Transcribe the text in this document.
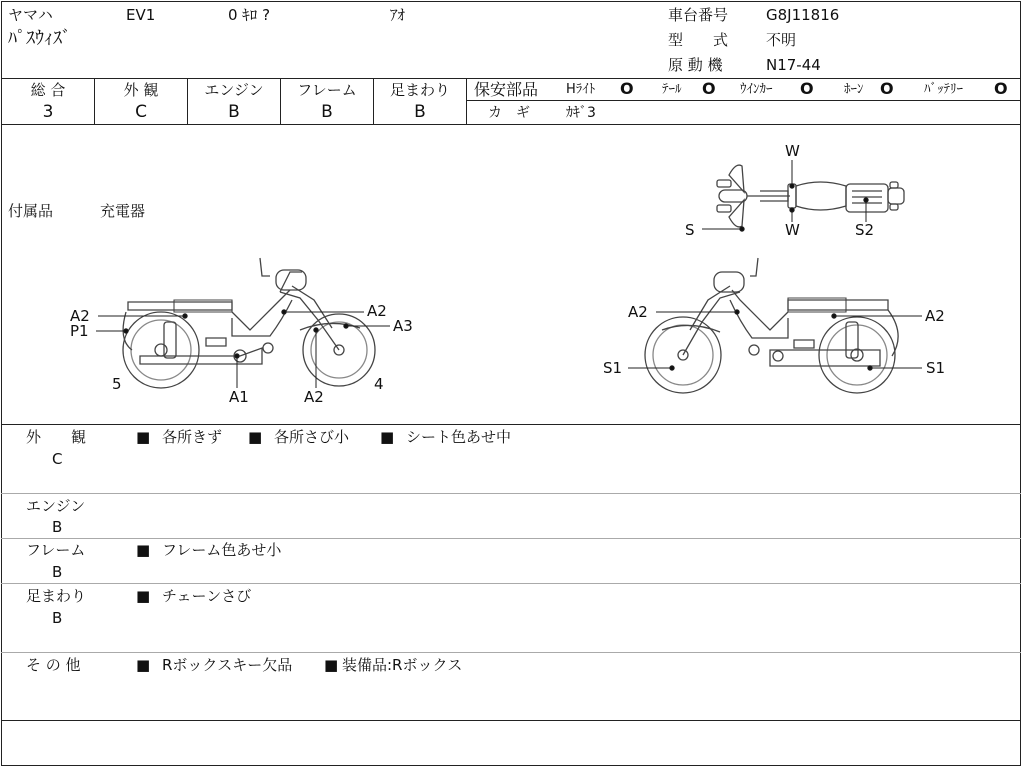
ヤマハ	EV1	0 ｷﾛ ?	ｱｵ
ﾊﾟｽｳｨｽﾞ
車台番号	G8J11816
型　　式	不明
原 動 機	N17-44
総 合
3
外 観
C
エンジン
B
フレーム
B
足まわり
B
保安部品 Hﾗｲﾄ O ﾃｰﾙ O ｳｲﾝｶｰ O ﾎｰﾝ O ﾊﾞｯﾃﾘｰ O
カ　ギ	ｶｷﾞ3
付属品	充電器
W
W
S	S2
A2
P1
A2
A3
5
A1	A2
4
A2	A2
S1	S1
外　　観
C
■ 各所きず ■ 各所さび小 ■ シート色あせ中
エンジン
B
フレーム
B
■ フレーム色あせ小
足まわり
B
■ チェーンさび
そ の 他	■ Rボックスキー欠品 ■ 装備品:Rボックス
